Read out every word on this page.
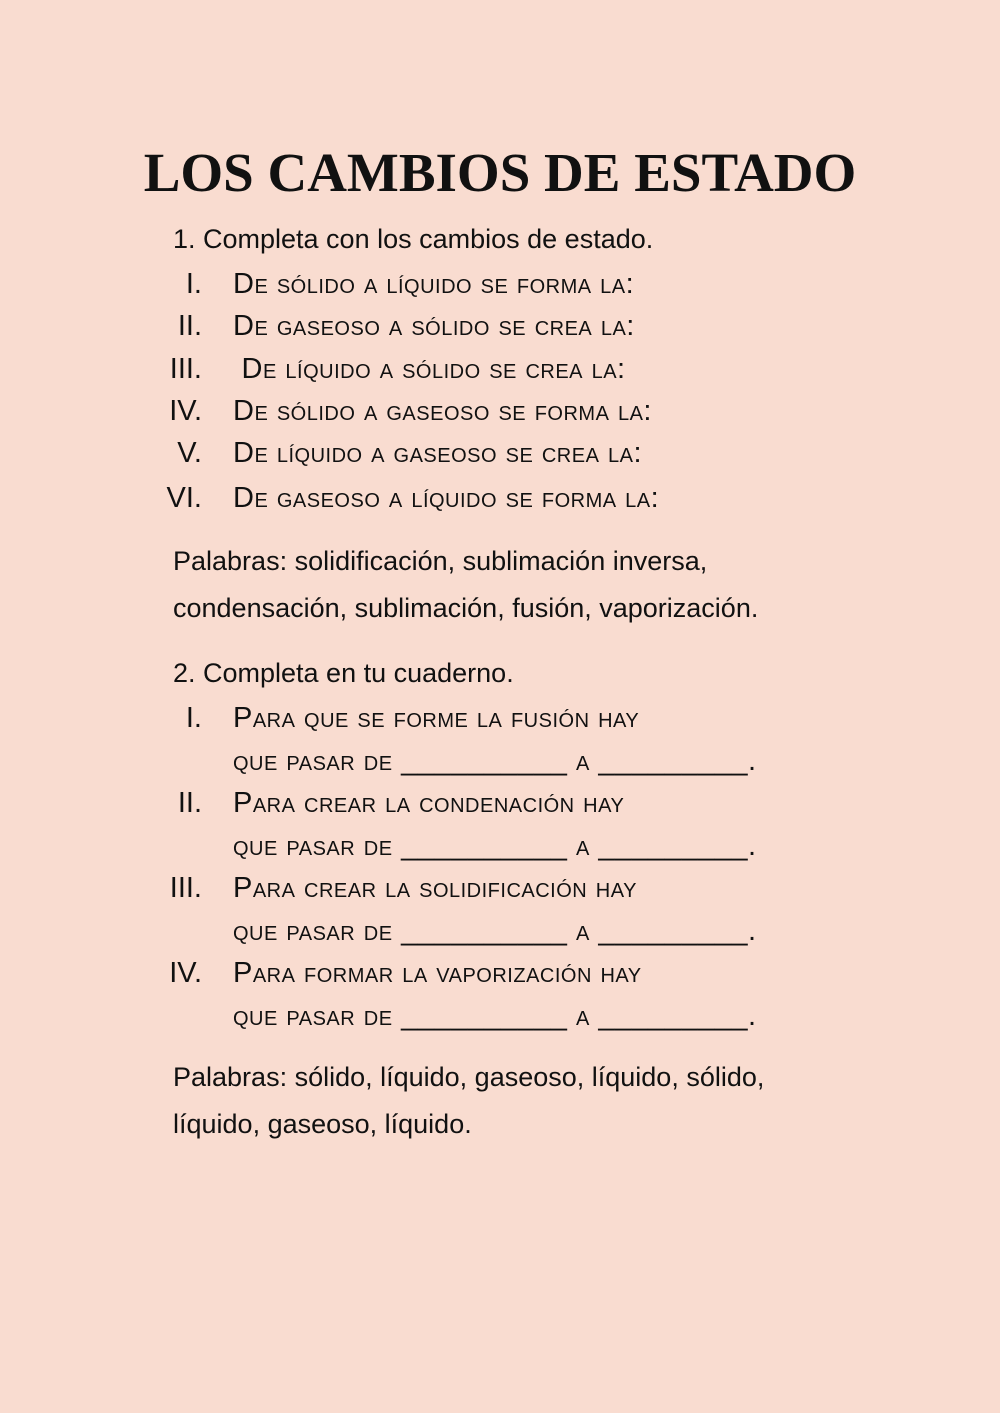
LOS CAMBIOS DE ESTADO
1. Completa con los cambios de estado.
I. De sólido a líquido se forma la:
II. De gaseoso a sólido se crea la:
III. De líquido a sólido se crea la:
IV. De sólido a gaseoso se forma la:
V. De líquido a gaseoso se crea la:
VI. De gaseoso a líquido se forma la:
Palabras: solidificación, sublimación inversa, condensación, sublimación, fusión, vaporización.
2. Completa en tu cuaderno.
I. Para que se forme la fusión hay
que pasar de __________ a _________.
II. Para crear la condenación hay
que pasar de __________ a _________.
III. Para crear la solidificación hay
que pasar de __________ a _________.
IV. Para formar la vaporización hay
que pasar de __________ a _________.
Palabras: sólido, líquido, gaseoso, líquido, sólido, líquido, gaseoso, líquido.
